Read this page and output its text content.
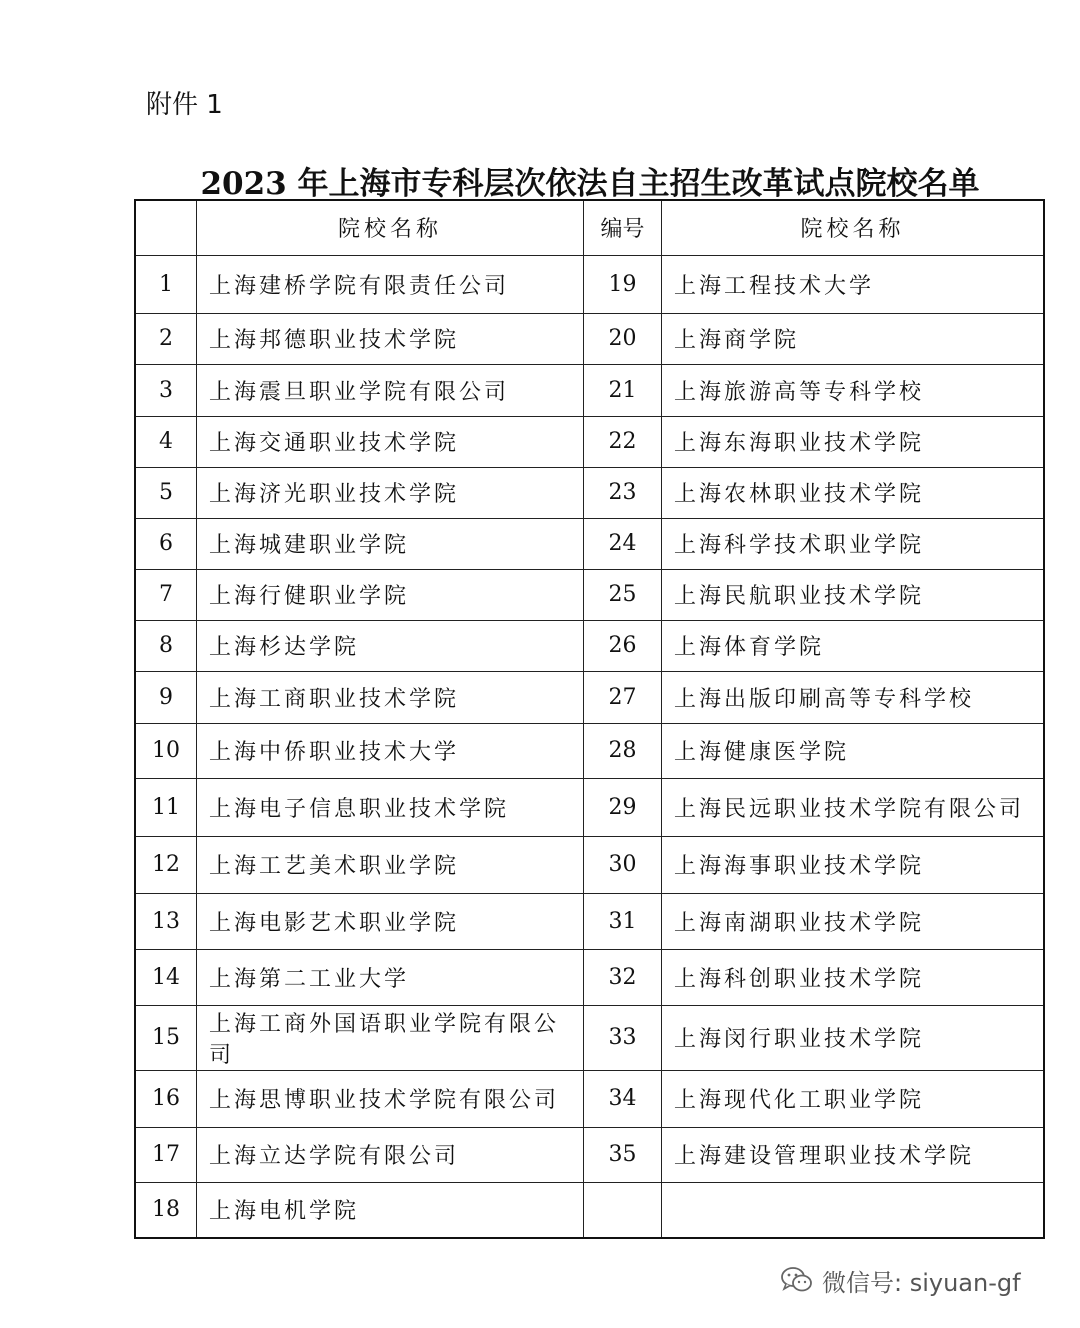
附件 1
2023 年上海市专科层次依法自主招生改革试点院校名单
	院校名称	编号	院校名称
1	上海建桥学院有限责任公司	19	上海工程技术大学
2	上海邦德职业技术学院	20	上海商学院
3	上海震旦职业学院有限公司	21	上海旅游高等专科学校
4	上海交通职业技术学院	22	上海东海职业技术学院
5	上海济光职业技术学院	23	上海农林职业技术学院
6	上海城建职业学院	24	上海科学技术职业学院
7	上海行健职业学院	25	上海民航职业技术学院
8	上海杉达学院	26	上海体育学院
9	上海工商职业技术学院	27	上海出版印刷高等专科学校
10	上海中侨职业技术大学	28	上海健康医学院
11	上海电子信息职业技术学院	29	上海民远职业技术学院有限公司
12	上海工艺美术职业学院	30	上海海事职业技术学院
13	上海电影艺术职业学院	31	上海南湖职业技术学院
14	上海第二工业大学	32	上海科创职业技术学院
15	上海工商外国语职业学院有限公司	33	上海闵行职业技术学院
16	上海思博职业技术学院有限公司	34	上海现代化工职业学院
17	上海立达学院有限公司	35	上海建设管理职业技术学院
18	上海电机学院		
微信号: siyuan-gf
